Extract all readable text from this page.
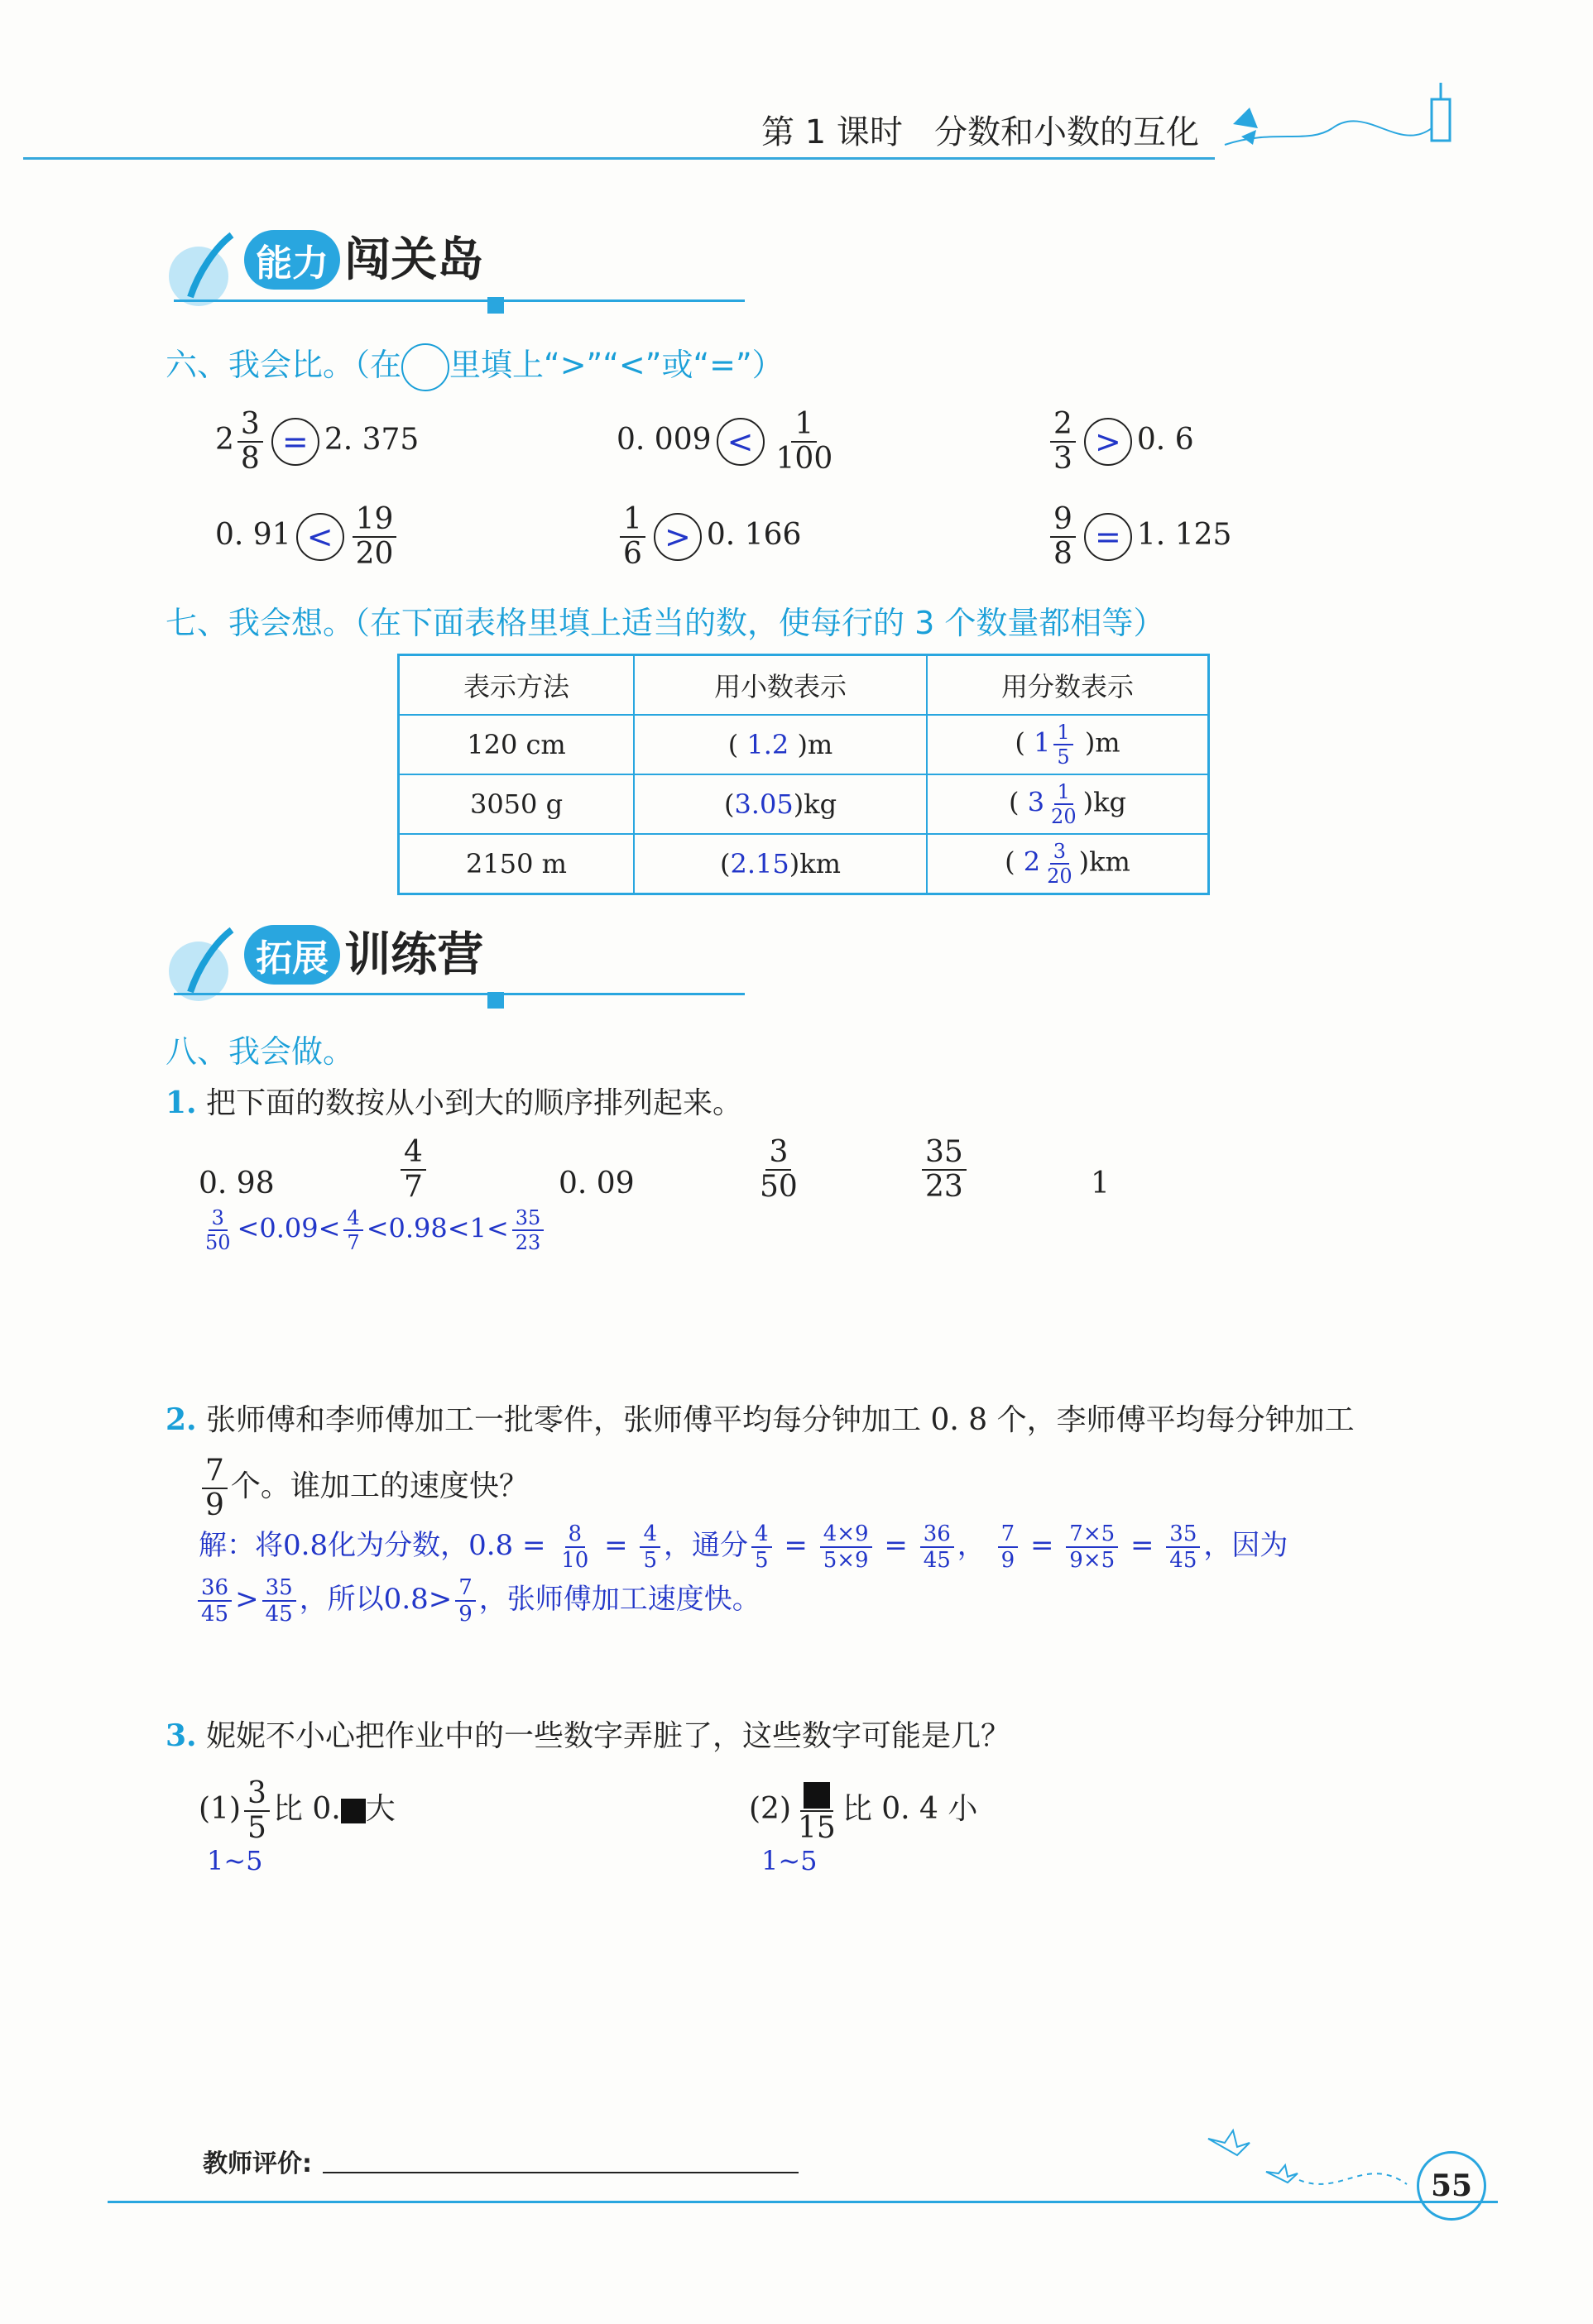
第 1 课时 分数和小数的互化
能力 闯关岛
六、我会比。（在 里填上“>”“<”或“=”）
$2 \frac{3}{8} = 2$. 375	0. $009 < \frac{1}{100}$	$\frac{2}{3} > 0$. 6
0. $91 < \frac{19}{20}$	$\frac{1}{6} > 0$. 166	$\frac{9}{8} = 1$. 125
七、我会想。（在下面表格里填上适当的数，使每行的 3 个数量都相等）
表示方法	用小数表示	用分数表示
120 cm	( 1.2 )m	( $1 \frac{1}{5} )m$
3050 g	(3.05)kg	( $3 \frac{1}{20} )kg$
2150 m	(2.15)km	( $2 \frac{3}{20} )km$
拓展 训练营
八、我会做。
1. 把下面的数按从小到大的顺序排列起来。
0. 98	$\frac{4}{7}$	0. 09	$\frac{3}{50}$	$\frac{35}{23}$	1
$\frac{3}{50} <0.09< \frac{4}{7} <0.98<1< \frac{35}{23}$
2. 张师傅和李师傅加工一批零件，张师傅平均每分钟加工 0. 8 个，李师傅平均每分钟加工
$\frac{7}{9}$ 个。谁加工的速度快？
解：将0.8化为分数，$0.8 = \frac{8}{10} = \frac{4}{5}$ ，通分 $\frac{4}{5} = \frac{4\times 9}{5\times 9} = \frac{36}{45}$ ， $\frac{7}{9} = \frac{7\times 5}{9\times 5} = \frac{35}{45}$ ，因为
$\frac{36}{45} > \frac{35}{45}$ ，所以$0.8> \frac{7}{9}$ ，张师傅加工速度快。
3. 妮妮不小心把作业中的一些数字弄脏了，这些数字可能是几？
$(1) \frac{3}{5}$ 比 0. 大
1~5
(2)
15
比 0. 4 小
1~5
教师评价:
55
